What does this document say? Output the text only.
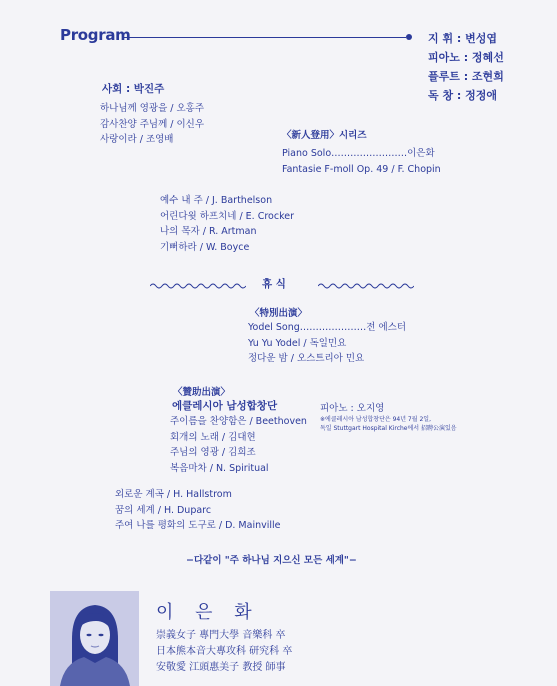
Program	지 휘 : 변성엽
피아노 : 정혜선
플루트 : 조현희
독 창 : 정정애
사회 : 박진주
하나님께 영광을 / 오홍주
감사찬양 주님께 / 이신우
사랑이라 / 조영배	〈新人登用〉시리즈
Piano Solo……………………이은화
Fantasie F-moll Op. 49 / F. Chopin
예수 내 주 / J. Barthelson
어린다윗 하프치네 / E. Crocker
나의 목자 / R. Artman
기뻐하라 / W. Boyce
휴 식
〈特別出演〉
Yodel Song…………………전 에스터
Yu Yu Yodel / 독일민요
정다운 밤 / 오스트리아 민요
〈贊助出演〉
에클레시아 남성합창단	피아노 : 오지영
※에클레시아 남성합창단은 94년 7월 2일,
독일 Stuttgart Hospital Kirche에서 招聘公演있음
주이름을 찬양함은 / Beethoven
회개의 노래 / 김대현
주님의 영광 / 김희조
복음마차 / N. Spiritual
외로운 계곡 / H. Hallstrom
꿈의 세계 / H. Duparc
주여 나를 평화의 도구로 / D. Mainville
−다같이 "주 하나님 지으신 모든 세계"−
이 은 화
崇義女子 專門大學 音樂科 卒
日本熊本音大專攻科 研究科 卒
安敬愛 江頭惠美子 教授 師事
